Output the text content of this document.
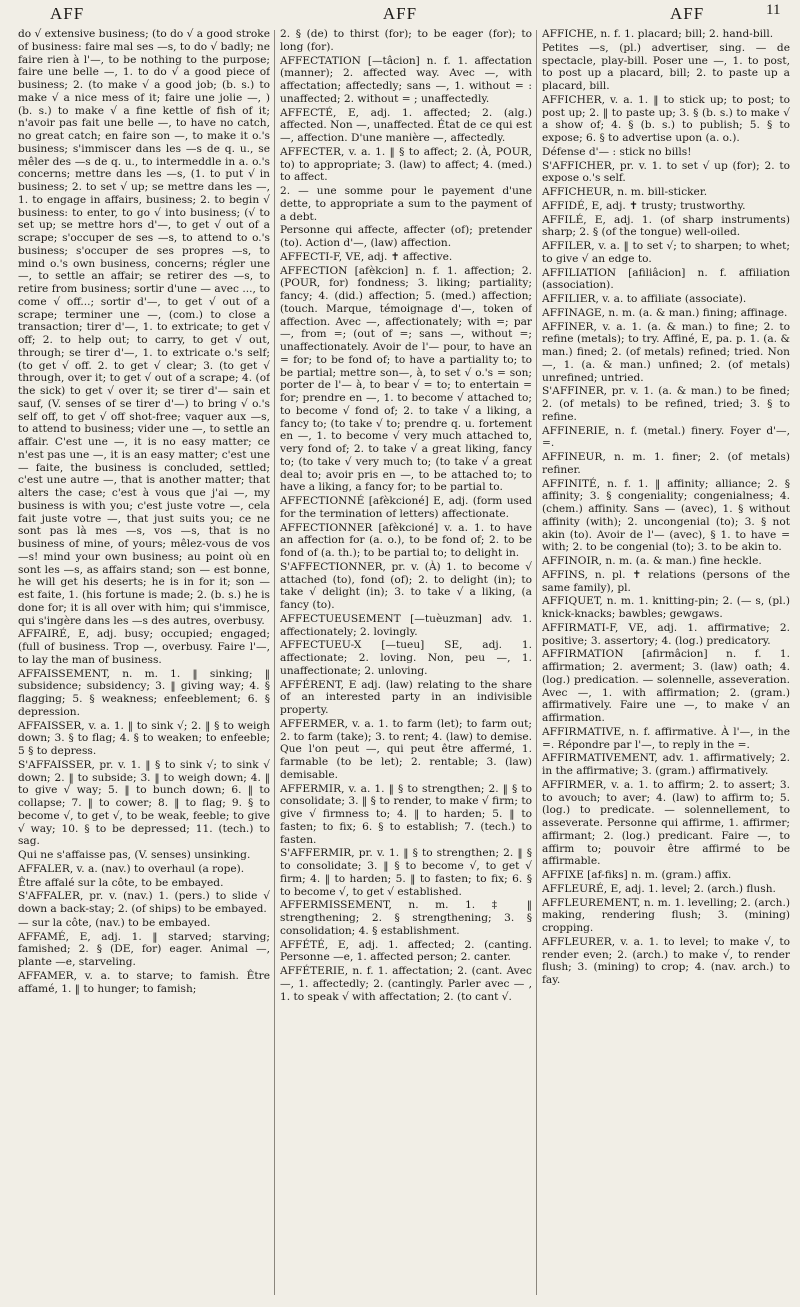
AFF	AFF	AFF	11
do √ extensive business; (to do √ a good stroke of business: faire mal ses —s, to do √ badly; ne faire rien à l'—, to be nothing to the purpose; faire une belle —, 1. to do √ a good piece of business; 2. (to make √ a good job; (b. s.) to make √ a nice mess of it; faire une jolie —, ) (b. s.) to make √ a fine kettle of fish of it; n'avoir pas fait une belle —, to have no catch, no great catch; en faire son —, to make it o.'s business; s'immiscer dans les —s de q. u., se mêler des —s de q. u., to intermeddle in a. o.'s concerns; mettre dans les —s, (1. to put √ in business; 2. to set √ up; se mettre dans les —, 1. to engage in affairs, business; 2. to begin √ business: to enter, to go √ into business; (√ to set up; se mettre hors d'—, to get √ out of a scrape; s'occuper de ses —s, to attend to o.'s business; s'occuper de ses propres —s, to mind o.'s own business, concerns; régler une —, to settle an affair; se retirer des —s, to retire from business; sortir d'une — avec ..., to come √ off...; sortir d'—, to get √ out of a scrape; terminer une —, (com.) to close a transaction; tirer d'—, 1. to extricate; to get √ off; 2. to help out; to carry, to get √ out, through; se tirer d'—, 1. to extricate o.'s self; (to get √ off. 2. to get √ clear; 3. (to get √ through, over it; to get √ out of a scrape; 4. (of the sick) to get √ over it; se tirer d'— sain et sauf, (V. senses of se tirer d'—) to bring √ o.'s self off, to get √ off shot-free; vaquer aux —s, to attend to business; vider une —, to settle an affair. C'est une —, it is no easy matter; ce n'est pas une —, it is an easy matter; c'est une — faite, the business is concluded, settled; c'est une autre —, that is another matter; that alters the case; c'est à vous que j'ai —, my business is with you; c'est juste votre —, cela fait juste votre —, that just suits you; ce ne sont pas là mes —s, vos —s, that is no business of mine, of yours; mêlez-vous de vos —s! mind your own business; au point où en sont les —s, as affairs stand; son — est bonne, he will get his deserts; he is in for it; son — est faite, 1. (his fortune is made; 2. (b. s.) he is done for; it is all over with him; qui s'immisce, qui s'ingère dans les —s des autres, overbusy.
AFFAIRÉ, E, adj. busy; occupied; engaged; (full of business. Trop —, overbusy. Faire l'—, to lay the man of business.
AFFAISSEMENT, n. m. 1. ‖ sinking; ‖ subsidence; subsidency; 3. ‖ giving way; 4. § flagging; 5. § weakness; enfeeblement; 6. § depression.
AFFAISSER, v. a. 1. ‖ to sink √; 2. ‖ § to weigh down; 3. § to flag; 4. § to weaken; to enfeeble; 5 § to depress.
S'AFFAISSER, pr. v. 1. ‖ § to sink √; to sink √ down; 2. ‖ to subside; 3. ‖ to weigh down; 4. ‖ to give √ way; 5. ‖ to bunch down; 6. ‖ to collapse; 7. ‖ to cower; 8. ‖ to flag; 9. § to become √, to get √, to be weak, feeble; to give √ way; 10. § to be depressed; 11. (tech.) to sag.
Qui ne s'affaisse pas, (V. senses) unsinking.
AFFALER, v. a. (nav.) to overhaul (a rope).
Être affalé sur la côte, to be embayed.
S'AFFALER, pr. v. (nav.) 1. (pers.) to slide √ down a back-stay; 2. (of ships) to be embayed.
— sur la côte, (nav.) to be embayed.
AFFAMÉ, E, adj. 1. ‖ starved; starving; famished; 2. § (DE, for) eager. Animal —, plante —e, starveling.
AFFAMER, v. a. to starve; to famish. Être affamé, 1. ‖ to hunger; to famish;
2. § (de) to thirst (for); to be eager (for); to long (for).
AFFECTATION [—tâcion] n. f. 1. affectation (manner); 2. affected way. Avec —, with affectation; affectedly; sans —, 1. without = : unaffected; 2. without = ; unaffectedly.
AFFECTÉ, E, adj. 1. affected; 2. (alg.) affected. Non —, unaffected. État de ce qui est —, affection. D'une manière —, affectedly.
AFFECTER, v. a. 1. ‖ § to affect; 2. (À, POUR, to) to appropriate; 3. (law) to affect; 4. (med.) to affect.
2. — une somme pour le payement d'une dette, to appropriate a sum to the payment of a debt.
Personne qui affecte, affecter (of); pretender (to). Action d'—, (law) affection.
AFFECTI-F, VE, adj. ✝ affective.
AFFECTION [afèkcion] n. f. 1. affection; 2. (POUR, for) fondness; 3. liking; partiality; fancy; 4. (did.) affection; 5. (med.) affection; (touch. Marque, témoignage d'—, token of affection. Avec —, affectionately; with =; par —, from =; (out of =; sans —, without =; unaffectionately. Avoir de l'— pour, to have an = for; to be fond of; to have a partiality to; to be partial; mettre son—, à, to set √ o.'s = son; porter de l'— à, to bear √ = to; to entertain = for; prendre en —, 1. to become √ attached to; to become √ fond of; 2. to take √ a liking, a fancy to; (to take √ to; prendre q. u. fortement en —, 1. to become √ very much attached to, very fond of; 2. to take √ a great liking, fancy to; (to take √ very much to; (to take √ a great deal to; avoir pris en —, to be attached to; to have a liking, a fancy for; to be partial to.
AFFECTIONNÉ [afèkcioné] E, adj. (form used for the termination of letters) affectionate.
AFFECTIONNER [afèkcioné] v. a. 1. to have an affection for (a. o.), to be fond of; 2. to be fond of (a. th.); to be partial to; to delight in.
S'AFFECTIONNER, pr. v. (À) 1. to become √ attached (to), fond (of); 2. to delight (in); to take √ delight (in); 3. to take √ a liking, (a fancy (to).
AFFECTUEUSEMENT [—tuèuzman] adv. 1. affectionately; 2. lovingly.
AFFECTUEU-X [—tueu] SE, adj. 1. affectionate; 2. loving. Non, peu —, 1. unaffectionate; 2. unloving.
AFFÉRENT, E adj. (law) relating to the share of an interested party in an indivisible property.
AFFERMER, v. a. 1. to farm (let); to farm out; 2. to farm (take); 3. to rent; 4. (law) to demise. Que l'on peut —, qui peut être affermé, 1. farmable (to be let); 2. rentable; 3. (law) demisable.
AFFERMIR, v. a. 1. ‖ § to strengthen; 2. ‖ § to consolidate; 3. ‖ § to render, to make √ firm; to give √ firmness to; 4. ‖ to harden; 5. ‖ to fasten; to fix; 6. § to establish; 7. (tech.) to fasten.
S'AFFERMIR, pr. v. 1. ‖ § to strengthen; 2. ‖ § to consolidate; 3. ‖ § to become √, to get √ firm; 4. ‖ to harden; 5. ‖ to fasten; to fix; 6. § to become √, to get √ established.
AFFERMISSEMENT, n. m. 1. ‡ ‖ strengthening; 2. § strengthening; 3. § consolidation; 4. § establishment.
AFFÉTÉ, E, adj. 1. affected; 2. (canting. Personne —e, 1. affected person; 2. canter.
AFFÉTERIE, n. f. 1. affectation; 2. (cant. Avec —, 1. affectedly; 2. (cantingly. Parler avec — , 1. to speak √ with affectation; 2. (to cant √.
AFFICHE, n. f. 1. placard; bill; 2. hand-bill.
Petites —s, (pl.) advertiser, sing. — de spectacle, play-bill. Poser une —, 1. to post, to post up a placard, bill; 2. to paste up a placard, bill.
AFFICHER, v. a. 1. ‖ to stick up; to post; to post up; 2. ‖ to paste up; 3. § (b. s.) to make √ a show of; 4. § (b. s.) to publish; 5. § to expose; 6. § to advertise upon (a. o.).
Défense d'— : stick no bills!
S'AFFICHER, pr. v. 1. to set √ up (for); 2. to expose o.'s self.
AFFICHEUR, n. m. bill-sticker.
AFFIDÉ, E, adj. ✝ trusty; trustworthy.
AFFILÉ, E, adj. 1. (of sharp instruments) sharp; 2. § (of the tongue) well-oiled.
AFFILER, v. a. ‖ to set √; to sharpen; to whet; to give √ an edge to.
AFFILIATION [afiliâcion] n. f. affiliation (association).
AFFILIER, v. a. to affiliate (associate).
AFFINAGE, n. m. (a. & man.) fining; affinage.
AFFINER, v. a. 1. (a. & man.) to fine; 2. to refine (metals); to try. Affiné, E, pa. p. 1. (a. & man.) fined; 2. (of metals) refined; tried. Non —, 1. (a. & man.) unfined; 2. (of metals) unrefined; untried.
S'AFFINER, pr. v. 1. (a. & man.) to be fined; 2. (of metals) to be refined, tried; 3. § to refine.
AFFINERIE, n. f. (metal.) finery. Foyer d'—, =.
AFFINEUR, n. m. 1. finer; 2. (of metals) refiner.
AFFINITÉ, n. f. 1. ‖ affinity; alliance; 2. § affinity; 3. § congeniality; congenialness; 4. (chem.) affinity. Sans — (avec), 1. § without affinity (with); 2. uncongenial (to); 3. § not akin (to). Avoir de l'— (avec), § 1. to have = with; 2. to be congenial (to); 3. to be akin to.
AFFINOIR, n. m. (a. & man.) fine heckle.
AFFINS, n. pl. ✝ relations (persons of the same family), pl.
AFFIQUET, n. m. 1. knitting-pin; 2. (— s, (pl.) knick-knacks; bawbles; gewgaws.
AFFIRMATI-F, VE, adj. 1. affirmative; 2. positive; 3. assertory; 4. (log.) predicatory.
AFFIRMATION [afirmâcion] n. f. 1. affirmation; 2. averment; 3. (law) oath; 4. (log.) predication. — solennelle, asseveration. Avec —, 1. with affirmation; 2. (gram.) affirmatively. Faire une —, to make √ an affirmation.
AFFIRMATIVE, n. f. affirmative. À l'—, in the =. Répondre par l'—, to reply in the =.
AFFIRMATIVEMENT, adv. 1. affirmatively; 2. in the affirmative; 3. (gram.) affirmatively.
AFFIRMER, v. a. 1. to affirm; 2. to assert; 3. to avouch; to aver; 4. (law) to affirm to; 5. (log.) to predicate. — solennellement, to asseverate. Personne qui affirme, 1. affirmer; affirmant; 2. (log.) predicant. Faire —, to affirm to; pouvoir être affirmé to be affirmable.
AFFIXE [af-fiks] n. m. (gram.) affix.
AFFLEURÉ, E, adj. 1. level; 2. (arch.) flush.
AFFLEUREMENT, n. m. 1. levelling; 2. (arch.) making, rendering flush; 3. (mining) cropping.
AFFLEURER, v. a. 1. to level; to make √, to render even; 2. (arch.) to make √, to render flush; 3. (mining) to crop; 4. (nav. arch.) to fay.
